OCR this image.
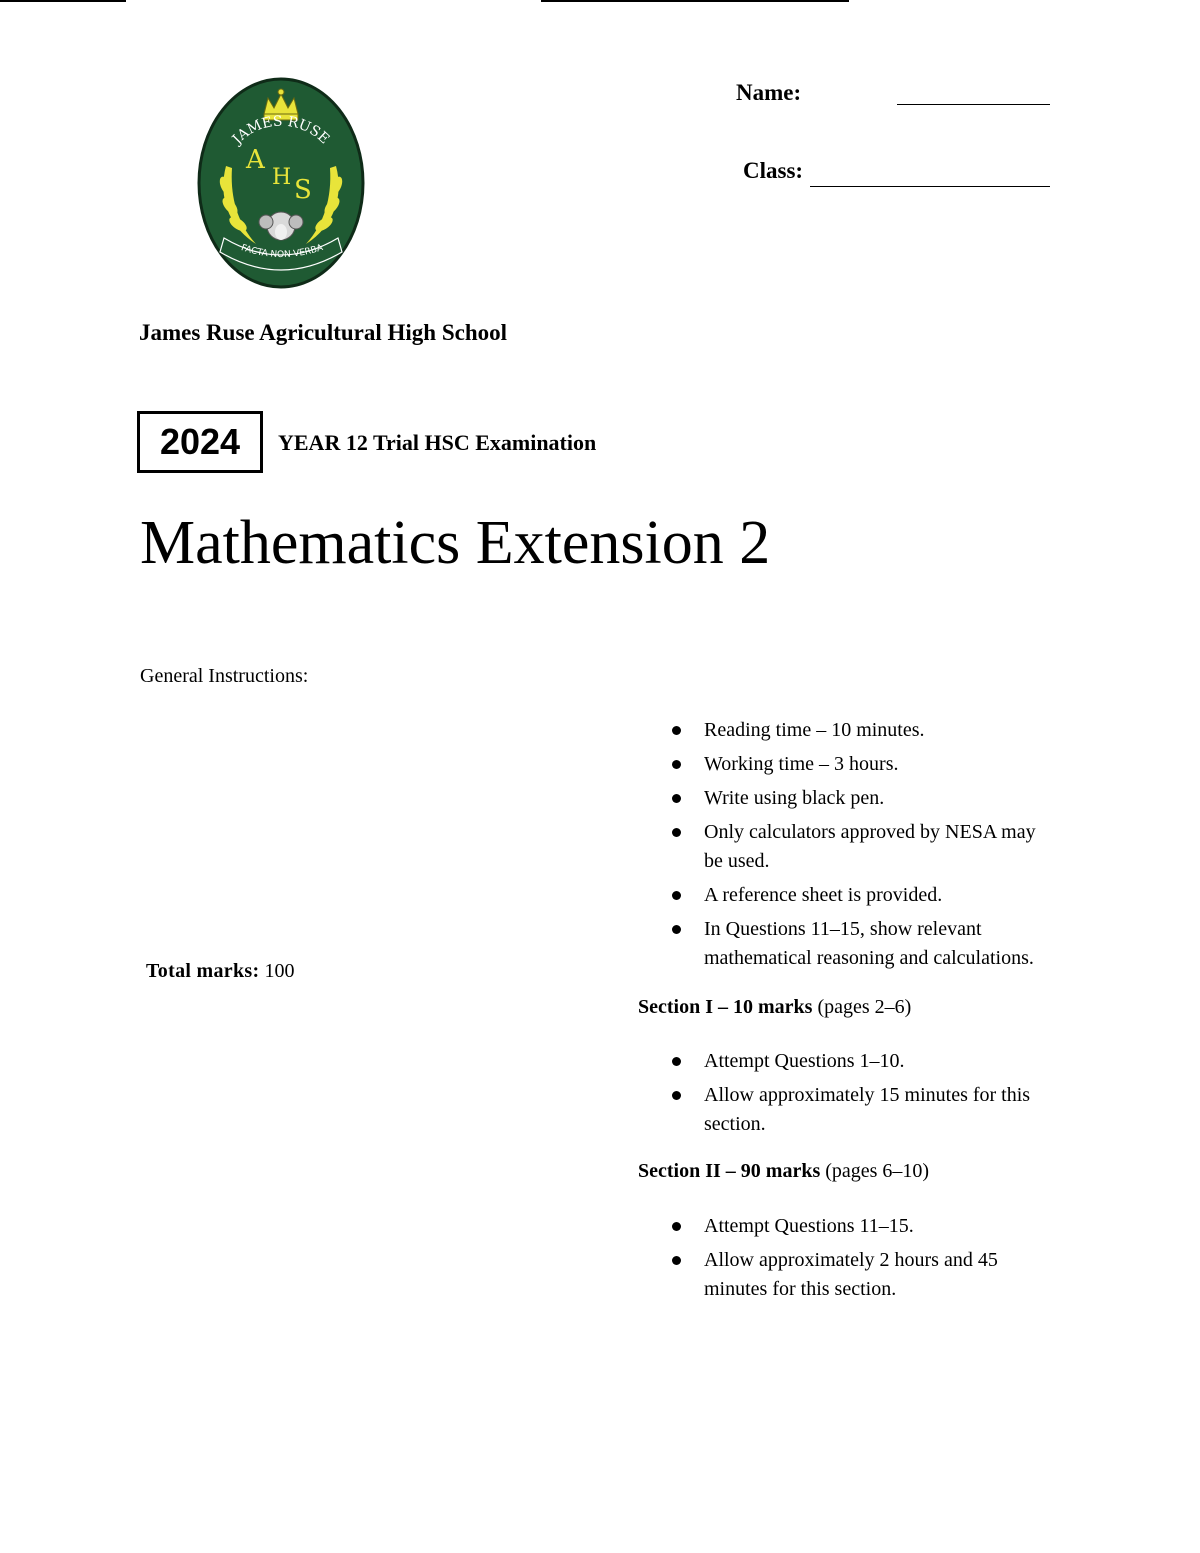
JAMES RUSE
A
H S
FACTA NON VERBA
Name:
Class:
James Ruse Agricultural High School
2024	YEAR 12 Trial HSC Examination
Mathematics Extension 2
General Instructions:
Total marks: 100
Reading time – 10 minutes.
Working time – 3 hours.
Write using black pen.
Only calculators approved by NESA may be used.
A reference sheet is provided.
In Questions 11–15, show relevant mathematical reasoning and calculations.
Section I – 10 marks (pages 2–6)
Attempt Questions 1–10.
Allow approximately 15 minutes for this section.
Section II – 90 marks (pages 6–10)
Attempt Questions 11–15.
Allow approximately 2 hours and 45 minutes for this section.
